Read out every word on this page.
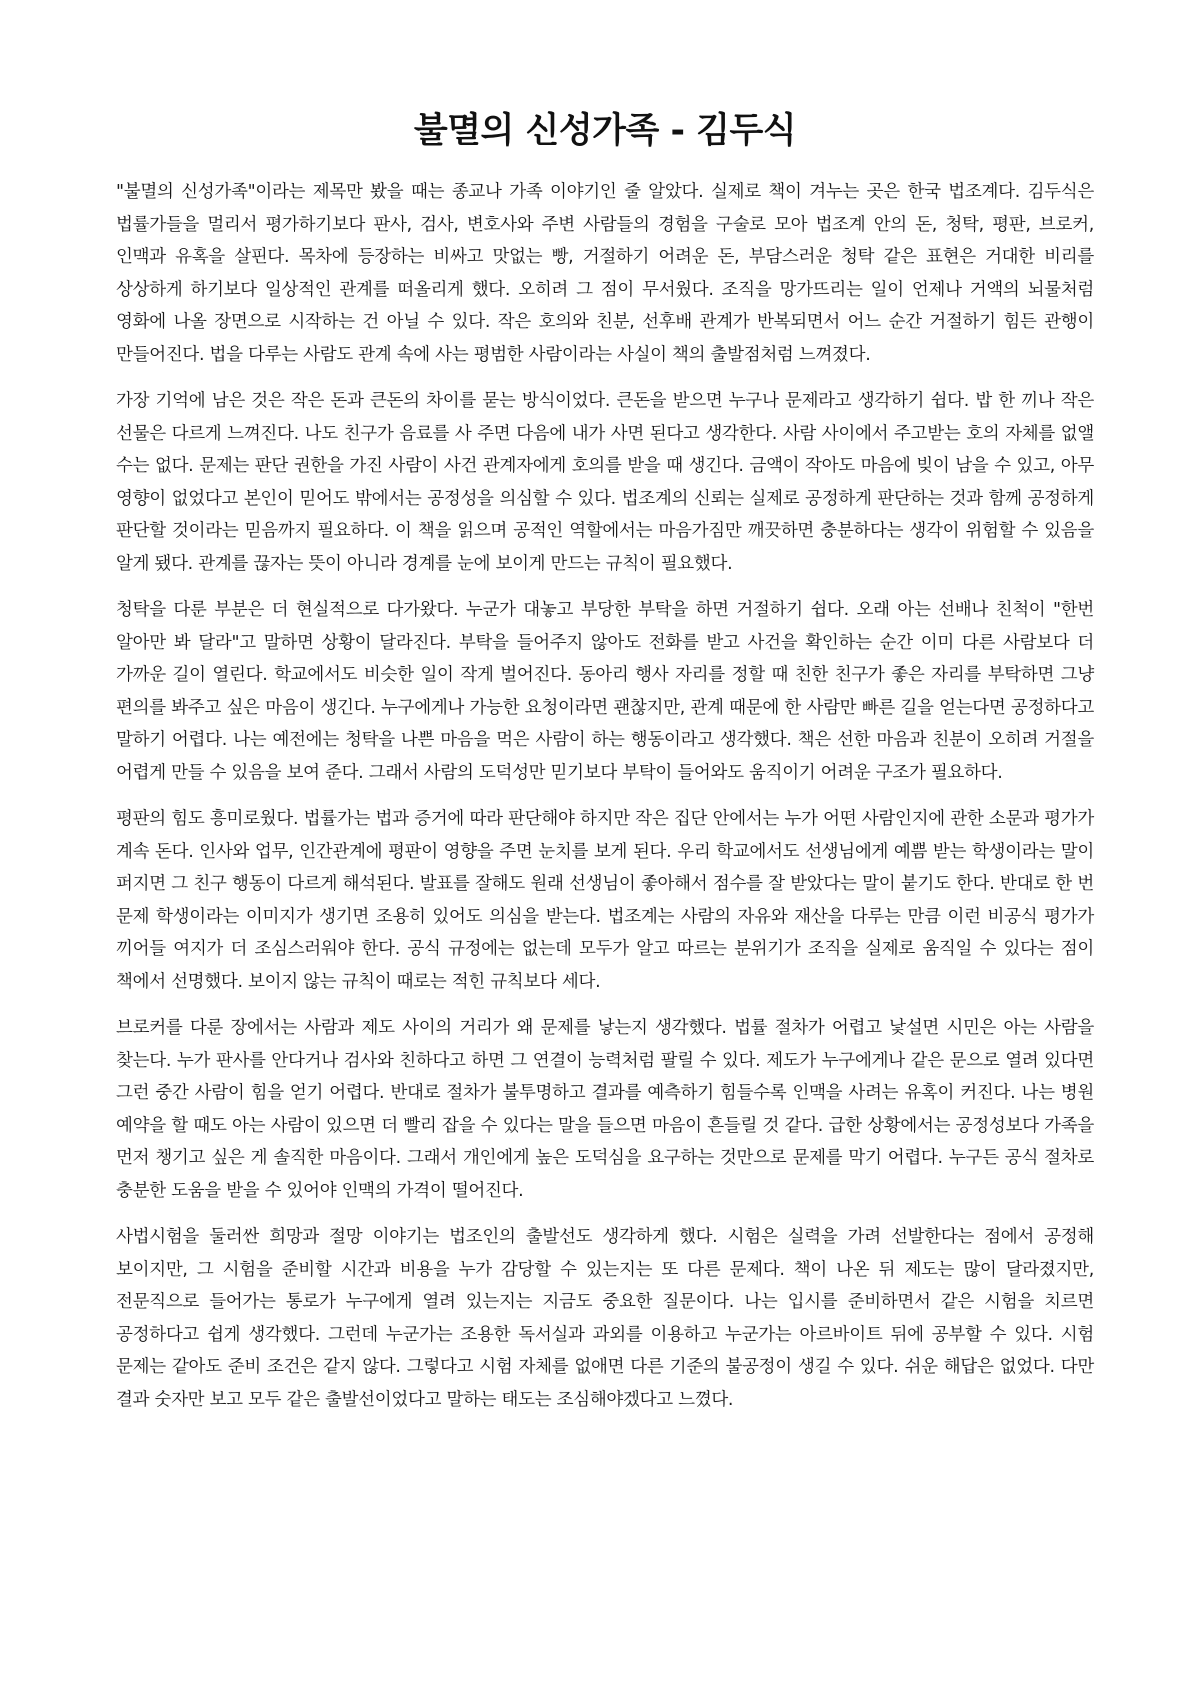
불멸의 신성가족 - 김두식

"불멸의 신성가족"이라는 제목만 봤을 때는 종교나 가족 이야기인 줄 알았다. 실제로 책이 겨누는 곳은 한국 법조계다. 김두식은 법률가들을 멀리서 평가하기보다 판사, 검사, 변호사와 주변 사람들의 경험을 구술로 모아 법조계 안의 돈, 청탁, 평판, 브로커, 인맥과 유혹을 살핀다. 목차에 등장하는 비싸고 맛없는 빵, 거절하기 어려운 돈, 부담스러운 청탁 같은 표현은 거대한 비리를 상상하게 하기보다 일상적인 관계를 떠올리게 했다. 오히려 그 점이 무서웠다. 조직을 망가뜨리는 일이 언제나 거액의 뇌물처럼 영화에 나올 장면으로 시작하는 건 아닐 수 있다. 작은 호의와 친분, 선후배 관계가 반복되면서 어느 순간 거절하기 힘든 관행이 만들어진다. 법을 다루는 사람도 관계 속에 사는 평범한 사람이라는 사실이 책의 출발점처럼 느껴졌다.

가장 기억에 남은 것은 작은 돈과 큰돈의 차이를 묻는 방식이었다. 큰돈을 받으면 누구나 문제라고 생각하기 쉽다. 밥 한 끼나 작은 선물은 다르게 느껴진다. 나도 친구가 음료를 사 주면 다음에 내가 사면 된다고 생각한다. 사람 사이에서 주고받는 호의 자체를 없앨 수는 없다. 문제는 판단 권한을 가진 사람이 사건 관계자에게 호의를 받을 때 생긴다. 금액이 작아도 마음에 빚이 남을 수 있고, 아무 영향이 없었다고 본인이 믿어도 밖에서는 공정성을 의심할 수 있다. 법조계의 신뢰는 실제로 공정하게 판단하는 것과 함께 공정하게 판단할 것이라는 믿음까지 필요하다. 이 책을 읽으며 공적인 역할에서는 마음가짐만 깨끗하면 충분하다는 생각이 위험할 수 있음을 알게 됐다. 관계를 끊자는 뜻이 아니라 경계를 눈에 보이게 만드는 규칙이 필요했다.

청탁을 다룬 부분은 더 현실적으로 다가왔다. 누군가 대놓고 부당한 부탁을 하면 거절하기 쉽다. 오래 아는 선배나 친척이 "한번 알아만 봐 달라"고 말하면 상황이 달라진다. 부탁을 들어주지 않아도 전화를 받고 사건을 확인하는 순간 이미 다른 사람보다 더 가까운 길이 열린다. 학교에서도 비슷한 일이 작게 벌어진다. 동아리 행사 자리를 정할 때 친한 친구가 좋은 자리를 부탁하면 그냥 편의를 봐주고 싶은 마음이 생긴다. 누구에게나 가능한 요청이라면 괜찮지만, 관계 때문에 한 사람만 빠른 길을 얻는다면 공정하다고 말하기 어렵다. 나는 예전에는 청탁을 나쁜 마음을 먹은 사람이 하는 행동이라고 생각했다. 책은 선한 마음과 친분이 오히려 거절을 어렵게 만들 수 있음을 보여 준다. 그래서 사람의 도덕성만 믿기보다 부탁이 들어와도 움직이기 어려운 구조가 필요하다.

평판의 힘도 흥미로웠다. 법률가는 법과 증거에 따라 판단해야 하지만 작은 집단 안에서는 누가 어떤 사람인지에 관한 소문과 평가가 계속 돈다. 인사와 업무, 인간관계에 평판이 영향을 주면 눈치를 보게 된다. 우리 학교에서도 선생님에게 예쁨 받는 학생이라는 말이 퍼지면 그 친구 행동이 다르게 해석된다. 발표를 잘해도 원래 선생님이 좋아해서 점수를 잘 받았다는 말이 붙기도 한다. 반대로 한 번 문제 학생이라는 이미지가 생기면 조용히 있어도 의심을 받는다. 법조계는 사람의 자유와 재산을 다루는 만큼 이런 비공식 평가가 끼어들 여지가 더 조심스러워야 한다. 공식 규정에는 없는데 모두가 알고 따르는 분위기가 조직을 실제로 움직일 수 있다는 점이 책에서 선명했다. 보이지 않는 규칙이 때로는 적힌 규칙보다 세다.

브로커를 다룬 장에서는 사람과 제도 사이의 거리가 왜 문제를 낳는지 생각했다. 법률 절차가 어렵고 낯설면 시민은 아는 사람을 찾는다. 누가 판사를 안다거나 검사와 친하다고 하면 그 연결이 능력처럼 팔릴 수 있다. 제도가 누구에게나 같은 문으로 열려 있다면 그런 중간 사람이 힘을 얻기 어렵다. 반대로 절차가 불투명하고 결과를 예측하기 힘들수록 인맥을 사려는 유혹이 커진다. 나는 병원 예약을 할 때도 아는 사람이 있으면 더 빨리 잡을 수 있다는 말을 들으면 마음이 흔들릴 것 같다. 급한 상황에서는 공정성보다 가족을 먼저 챙기고 싶은 게 솔직한 마음이다. 그래서 개인에게 높은 도덕심을 요구하는 것만으로 문제를 막기 어렵다. 누구든 공식 절차로 충분한 도움을 받을 수 있어야 인맥의 가격이 떨어진다.

사법시험을 둘러싼 희망과 절망 이야기는 법조인의 출발선도 생각하게 했다. 시험은 실력을 가려 선발한다는 점에서 공정해 보이지만, 그 시험을 준비할 시간과 비용을 누가 감당할 수 있는지는 또 다른 문제다. 책이 나온 뒤 제도는 많이 달라졌지만, 전문직으로 들어가는 통로가 누구에게 열려 있는지는 지금도 중요한 질문이다. 나는 입시를 준비하면서 같은 시험을 치르면 공정하다고 쉽게 생각했다. 그런데 누군가는 조용한 독서실과 과외를 이용하고 누군가는 아르바이트 뒤에 공부할 수 있다. 시험 문제는 같아도 준비 조건은 같지 않다. 그렇다고 시험 자체를 없애면 다른 기준의 불공정이 생길 수 있다. 쉬운 해답은 없었다. 다만 결과 숫자만 보고 모두 같은 출발선이었다고 말하는 태도는 조심해야겠다고 느꼈다.
